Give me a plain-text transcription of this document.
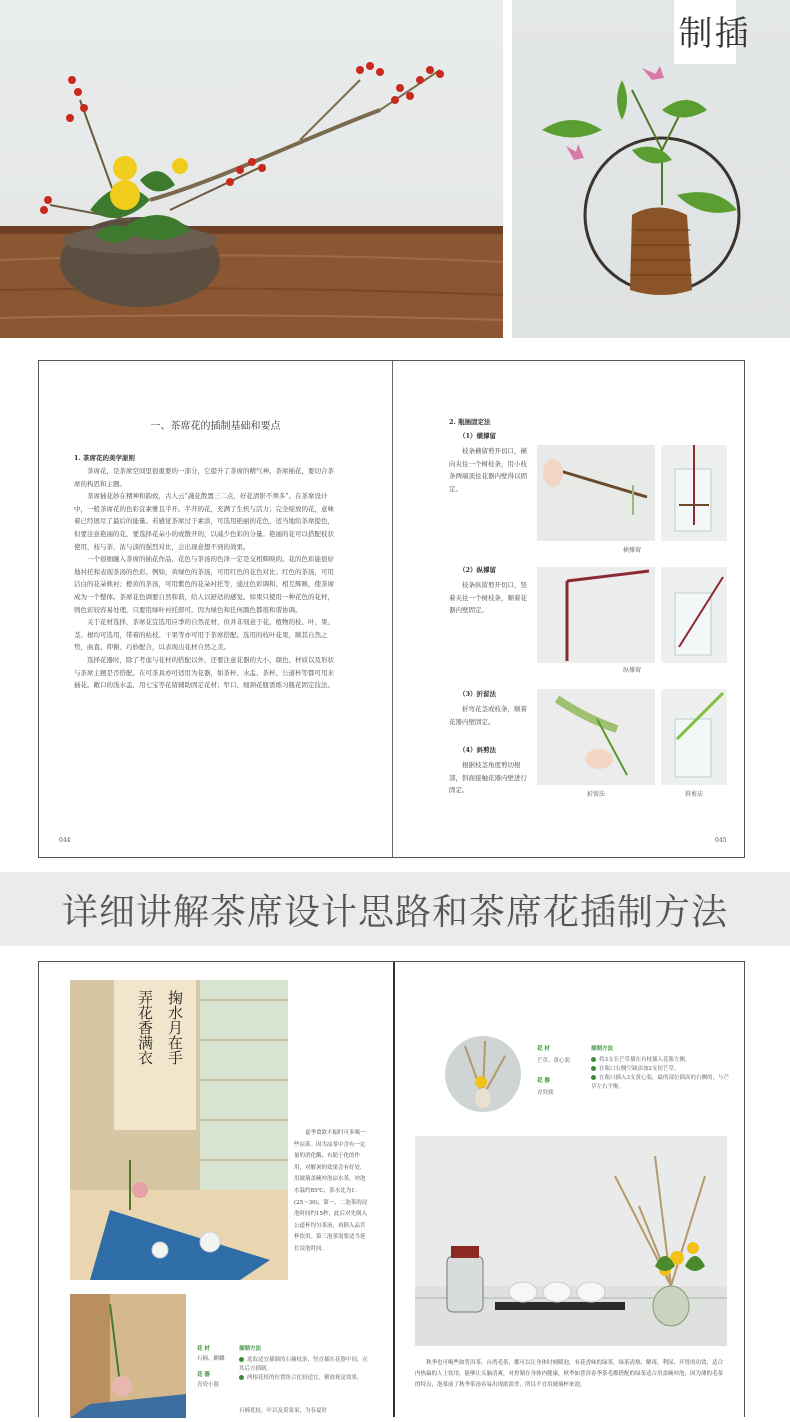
插制
一、茶席花的插制基础和要点
1. 茶席花的美学原则

茶席花，是茶席空间里很重要的一部分，它提升了茶席的精气神。茶席插花，要切合茶席的构思和主题。

茶席插花妙在精神和韵致，古人云“蔬花散置三二点，好花清影不须多”。在茶席设计中，一般茶席花的色彩宜素雅且半开。半开的花，充满了生机与活力；完全绽放的花，意味着已经展尽了最后的能量。若感觉茶席过于素淡，可选用艳丽的花色，适当地给茶席提色，但要注意艳丽的花，要选择花朵小的或散开的，以减少色彩的分量。艳丽的花可以搭配枝状使用，枝与茶，浓与淡的强烈对比，会出现意想不到的效果。

一个很细融入茶席的插花作品，花色与茶汤的色泽一定是交相辉映的。花的色彩能很好地衬托和表现茶汤的色彩。例如，黄绿色的茶汤，可用红色的花色对比；红色的茶汤，可用洁白的花朵映衬；橙黄的茶汤，可用紫色的花朵衬托等，通过色彩调和、相互辉映，使茶席成为一个整体。茶席花色调要自然和谐，给人以舒适的感觉。如果只使用一种花色的花材，则色彩较容易处理，只要用绿叶衬托即可。因为绿色和任何颜色都很和谐协调。

关于花材选择，茶席花宜选用应季的自然花材，但并非刻意于花，植物的枝、叶、果、茎、根均可选用，带着的枯枝、干果等亦可用于茶席搭配。选用的枝叶花果，顺其自然之势，曲直、仰俯、巧妙配合，以表现出花材自然之美。

选择花器时，除了考虑与花材的搭配以外，还要注意花器的大小、颜色、材质以及形状与茶席主题是否搭配。在可茶具亦可适用为花器，如茶杯、水盂、茶杯、公道杯等都可用来插花。敞口的浅水盂，用七宝等花留辅助固定花材；窄口、细颈花瓶需练习瓶花固定技法。

044
2. 瓶插固定法
（1）横撑留

枝条横留剪开切口，横向夹住一个树枝条，用小枝条两端顶住花器内壁得以固定。

横撑留
（2）纵撑留

枝条纵留剪开切口，竖着夹住一个树枝条，顺着花器内壁固定。

纵撑留
（3）折留法

折弯花茎或枝条，顺着花器内壁固定。

（4）斜剪法

根据枝茎角度剪切根部，斜面接触花器内壁进行固定。

折留法	斜剪法
045
详细讲解茶席设计思路和茶席花插制方法
掬水月在手
弄花香满衣

夏季食欲不振时可多喝一些凉茶。因为凉茶中含有一定量的消化酶，有助于化的作用，对解暑的效果会有好处。用玻璃盖碗冲泡凉水茶，冲泡水温约85℃，茶水比为1：(25～30)，第一、二泡茶的浸泡时间约15秒，此后对先倒入公道杯均匀茶汤，再斟入品茗杯饮用。第三泡茶需要适当延长浸泡时间。

花 材
石楠、麒麟
花 器
青瓷小器
插制方法
选取适宜插制的石楠枝条，竖直插在花器中间，在其后方插制。
两根花枝的位置组合比较适宜，横放视觉效果。
石楠优枝，叶以及黄果果，为春夏时
花 材
芒草、黄心菊
花 器
青瓷瓶
插制方法
将3支长芒草插在有枝插入花瓶左侧。
在瓶口右侧空缺添加2支短芒草。
在瓶口插入3支黄心菊，最的部位插高的右侧的，与芒草左右平衡。

秋季也可喝些如普洱茶、台湾毛茶，都可以让身体时刻暖泡，有花香味的绿茶，绿茶清热、解毒，利尿、开胃的功效，适合内热偏的人士饮用，能够让头脑清爽，对控制在身体内健康，秋季如普洱春季茶毛都搭配的绿茶适合用盖碗冲泡，因为薄的毛茶的特点，泡茶前了秋季茶汤容易出现浓淡差，所以不宜用玻璃杯来泡。
